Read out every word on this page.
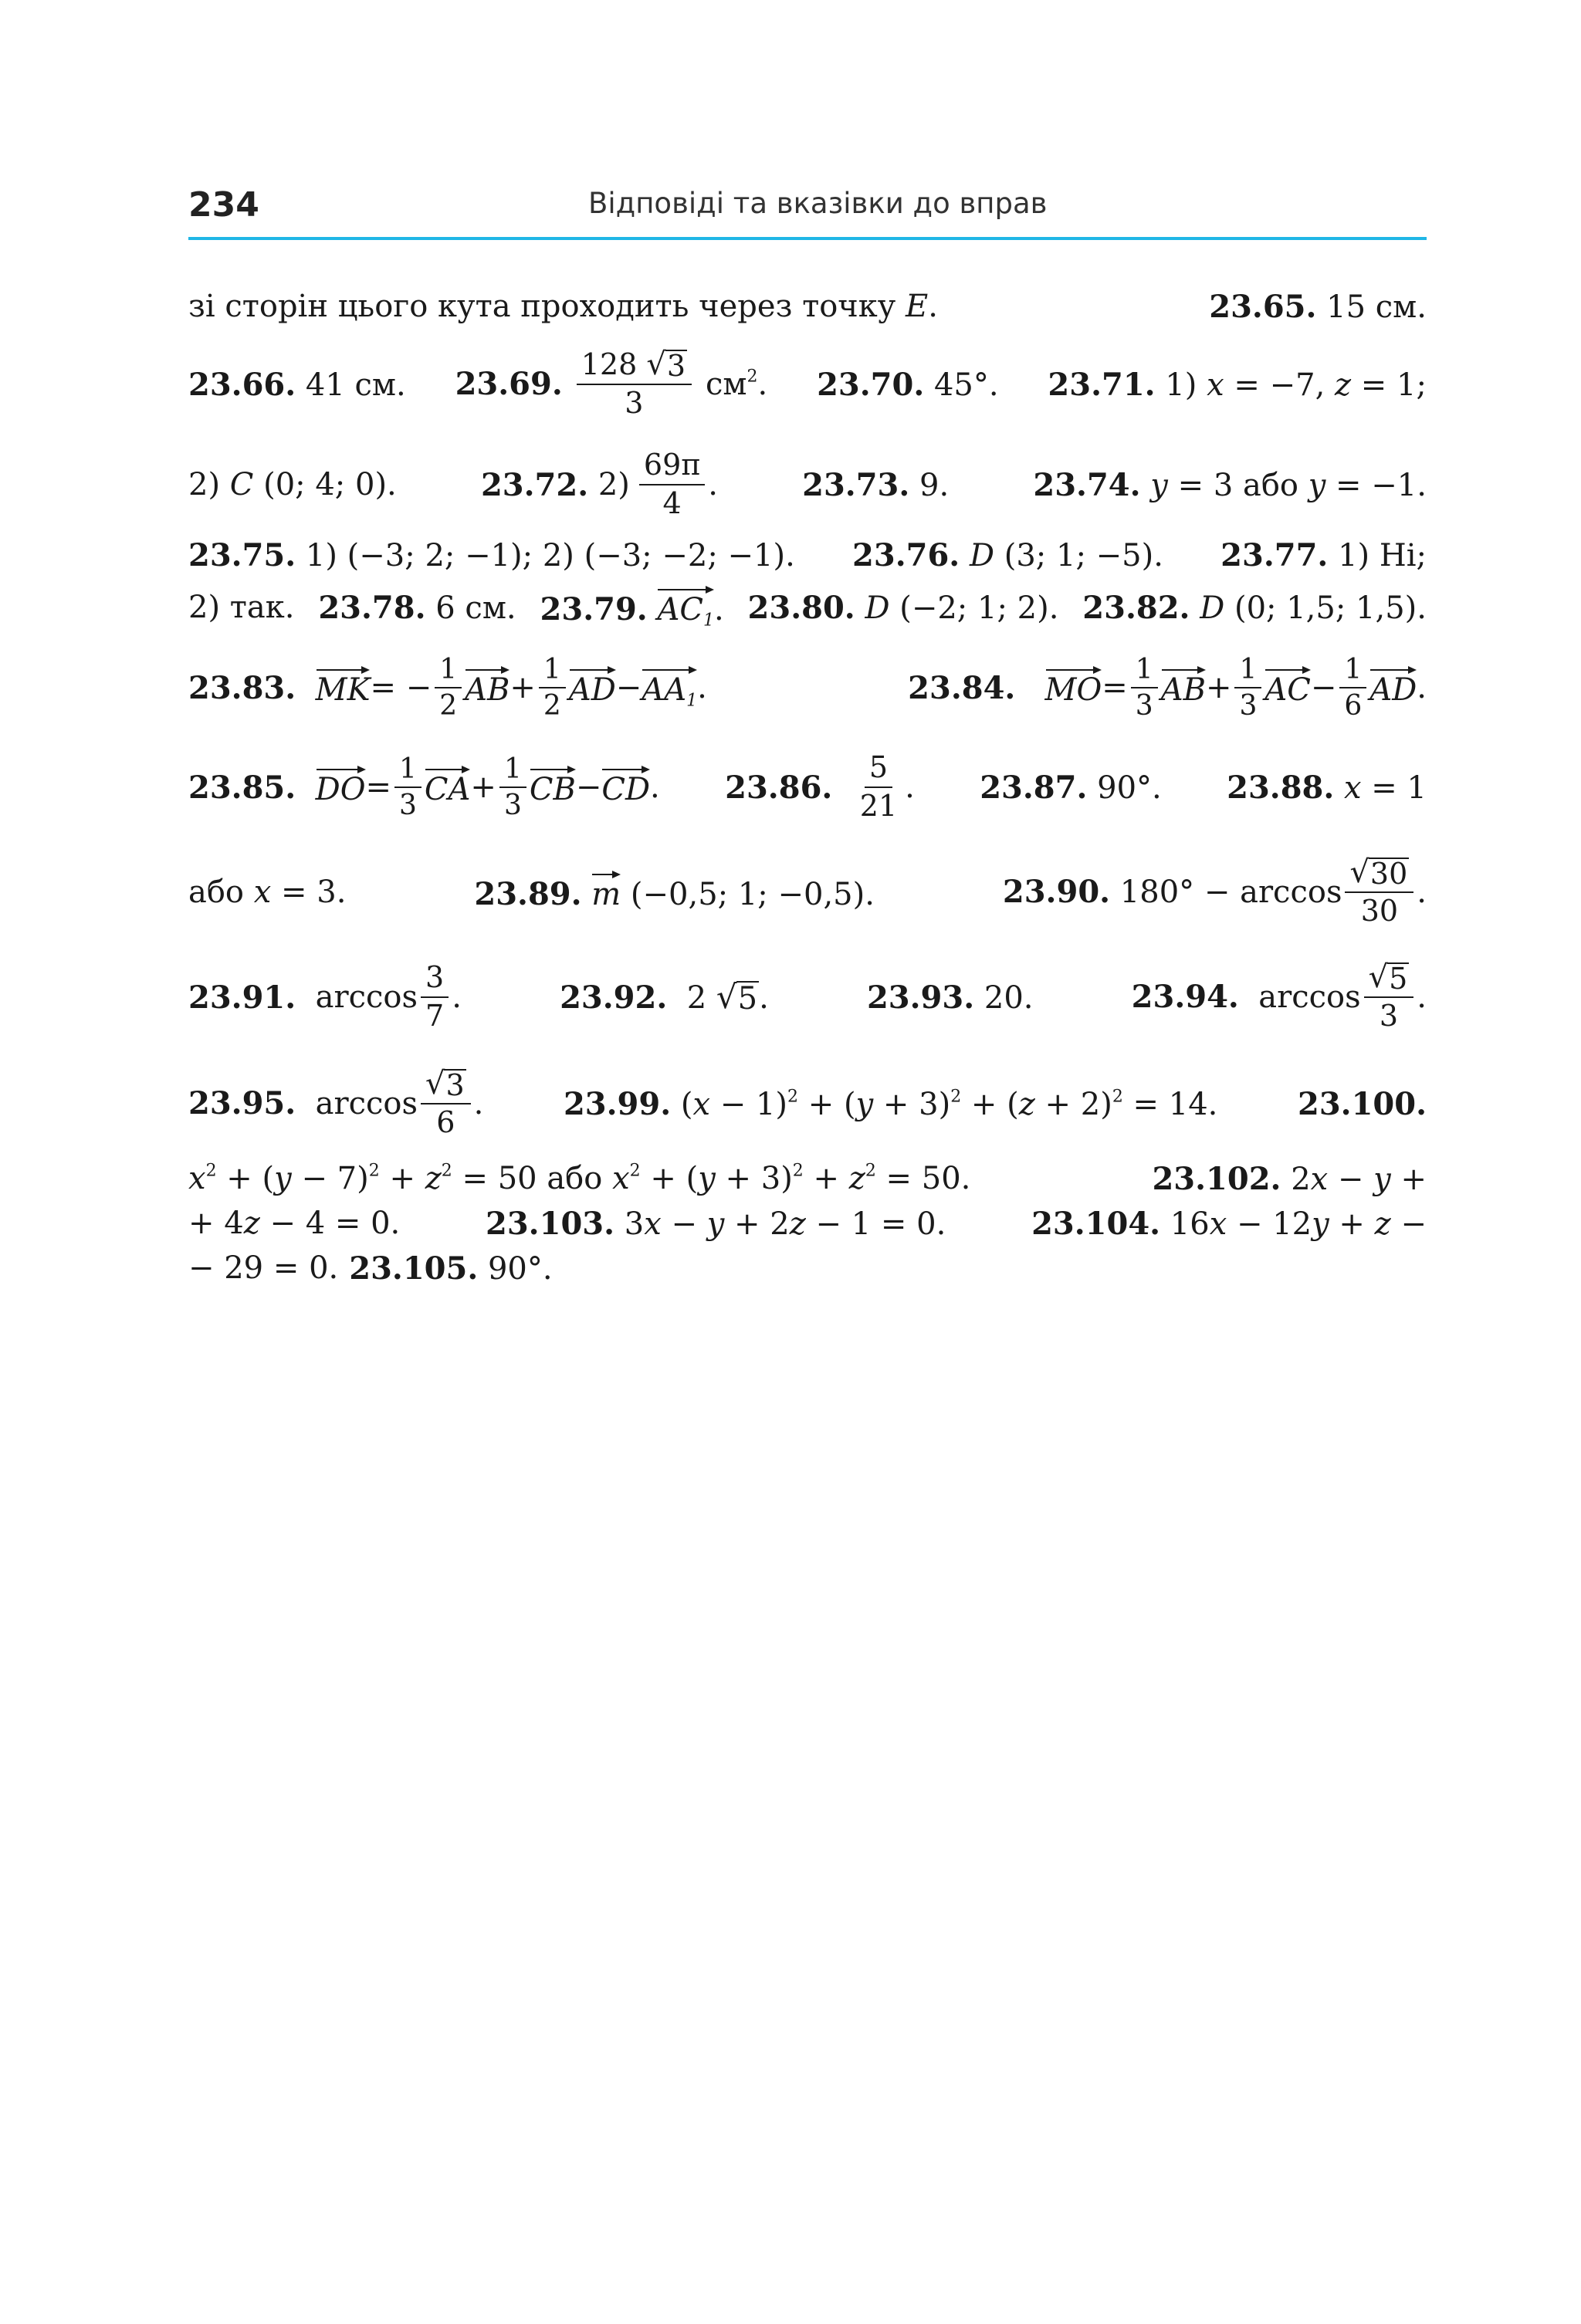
234	Відповіді та вказівки до вправ
зі сторін цього кута проходить через точку E.	23.65. 15 см.
23.66. 41 см. 23.69. $\frac{128 √ 3}{3} см^2$. 23.70. 45°. 23.71. 1) x = −7, z = 1;
2) C (0; 4; 0).	23.72.
$2) \frac{69\pi}{4}$ .	23.73. 9.	23.74. y = 3 або y = −1.
23.75. 1) (−3; 2; −1); 2) (−3; −2; −1). 23.76. D (3; 1; −5). 23.77. 1) Ні;
2) так. 23.78. 6 см. 23.79. $AC_1$. 23.80. D (−2; 1; 2). 23.82. D (0; 1,5; 1,5).
23.83.
MK = − $\frac{1}{2}$ AB + $\frac{1}{2}$ AD − $AA_1$ .	23.84.
MO = $\frac{1}{3}$ AB + $\frac{1}{3}$ AC − $\frac{1}{6}$ AD .
23.85.
DO = $\frac{1}{3}$ CA + $\frac{1}{3}$ CB − CD . 23.86.
$\frac{5}{21}$ . 23.87. 90°. 23.88. x = 1
або x = 3.	23.89. m (−0,5; 1; −0,5).	23.90.
$180^\circ - \arccos \frac{√ 30}{30}$ .
23.91.
$\arccos \frac{3}{7}$ .	23.92. 2 √ 5 .	23.93. 20.	23.94.
$\arccos \frac{√ 5}{3}$ .
23.95.
$\arccos \frac{√ 3}{6}$ .	23.99. $(x - 1)^2 + (y + 3)^2 + (z + 2)^2 = 14$.	23.100.
$x^2 + (y - 7)^2 + z^2 = 50$ або $x^2 + (y + 3)^2 + z^2 = 50$.	23.102. 2x − y +
+ 4z − 4 = 0.	23.103. 3x − y + 2z − 1 = 0.	23.104. 16x − 12y + z −
− 29 = 0. 23.105. 90°.
